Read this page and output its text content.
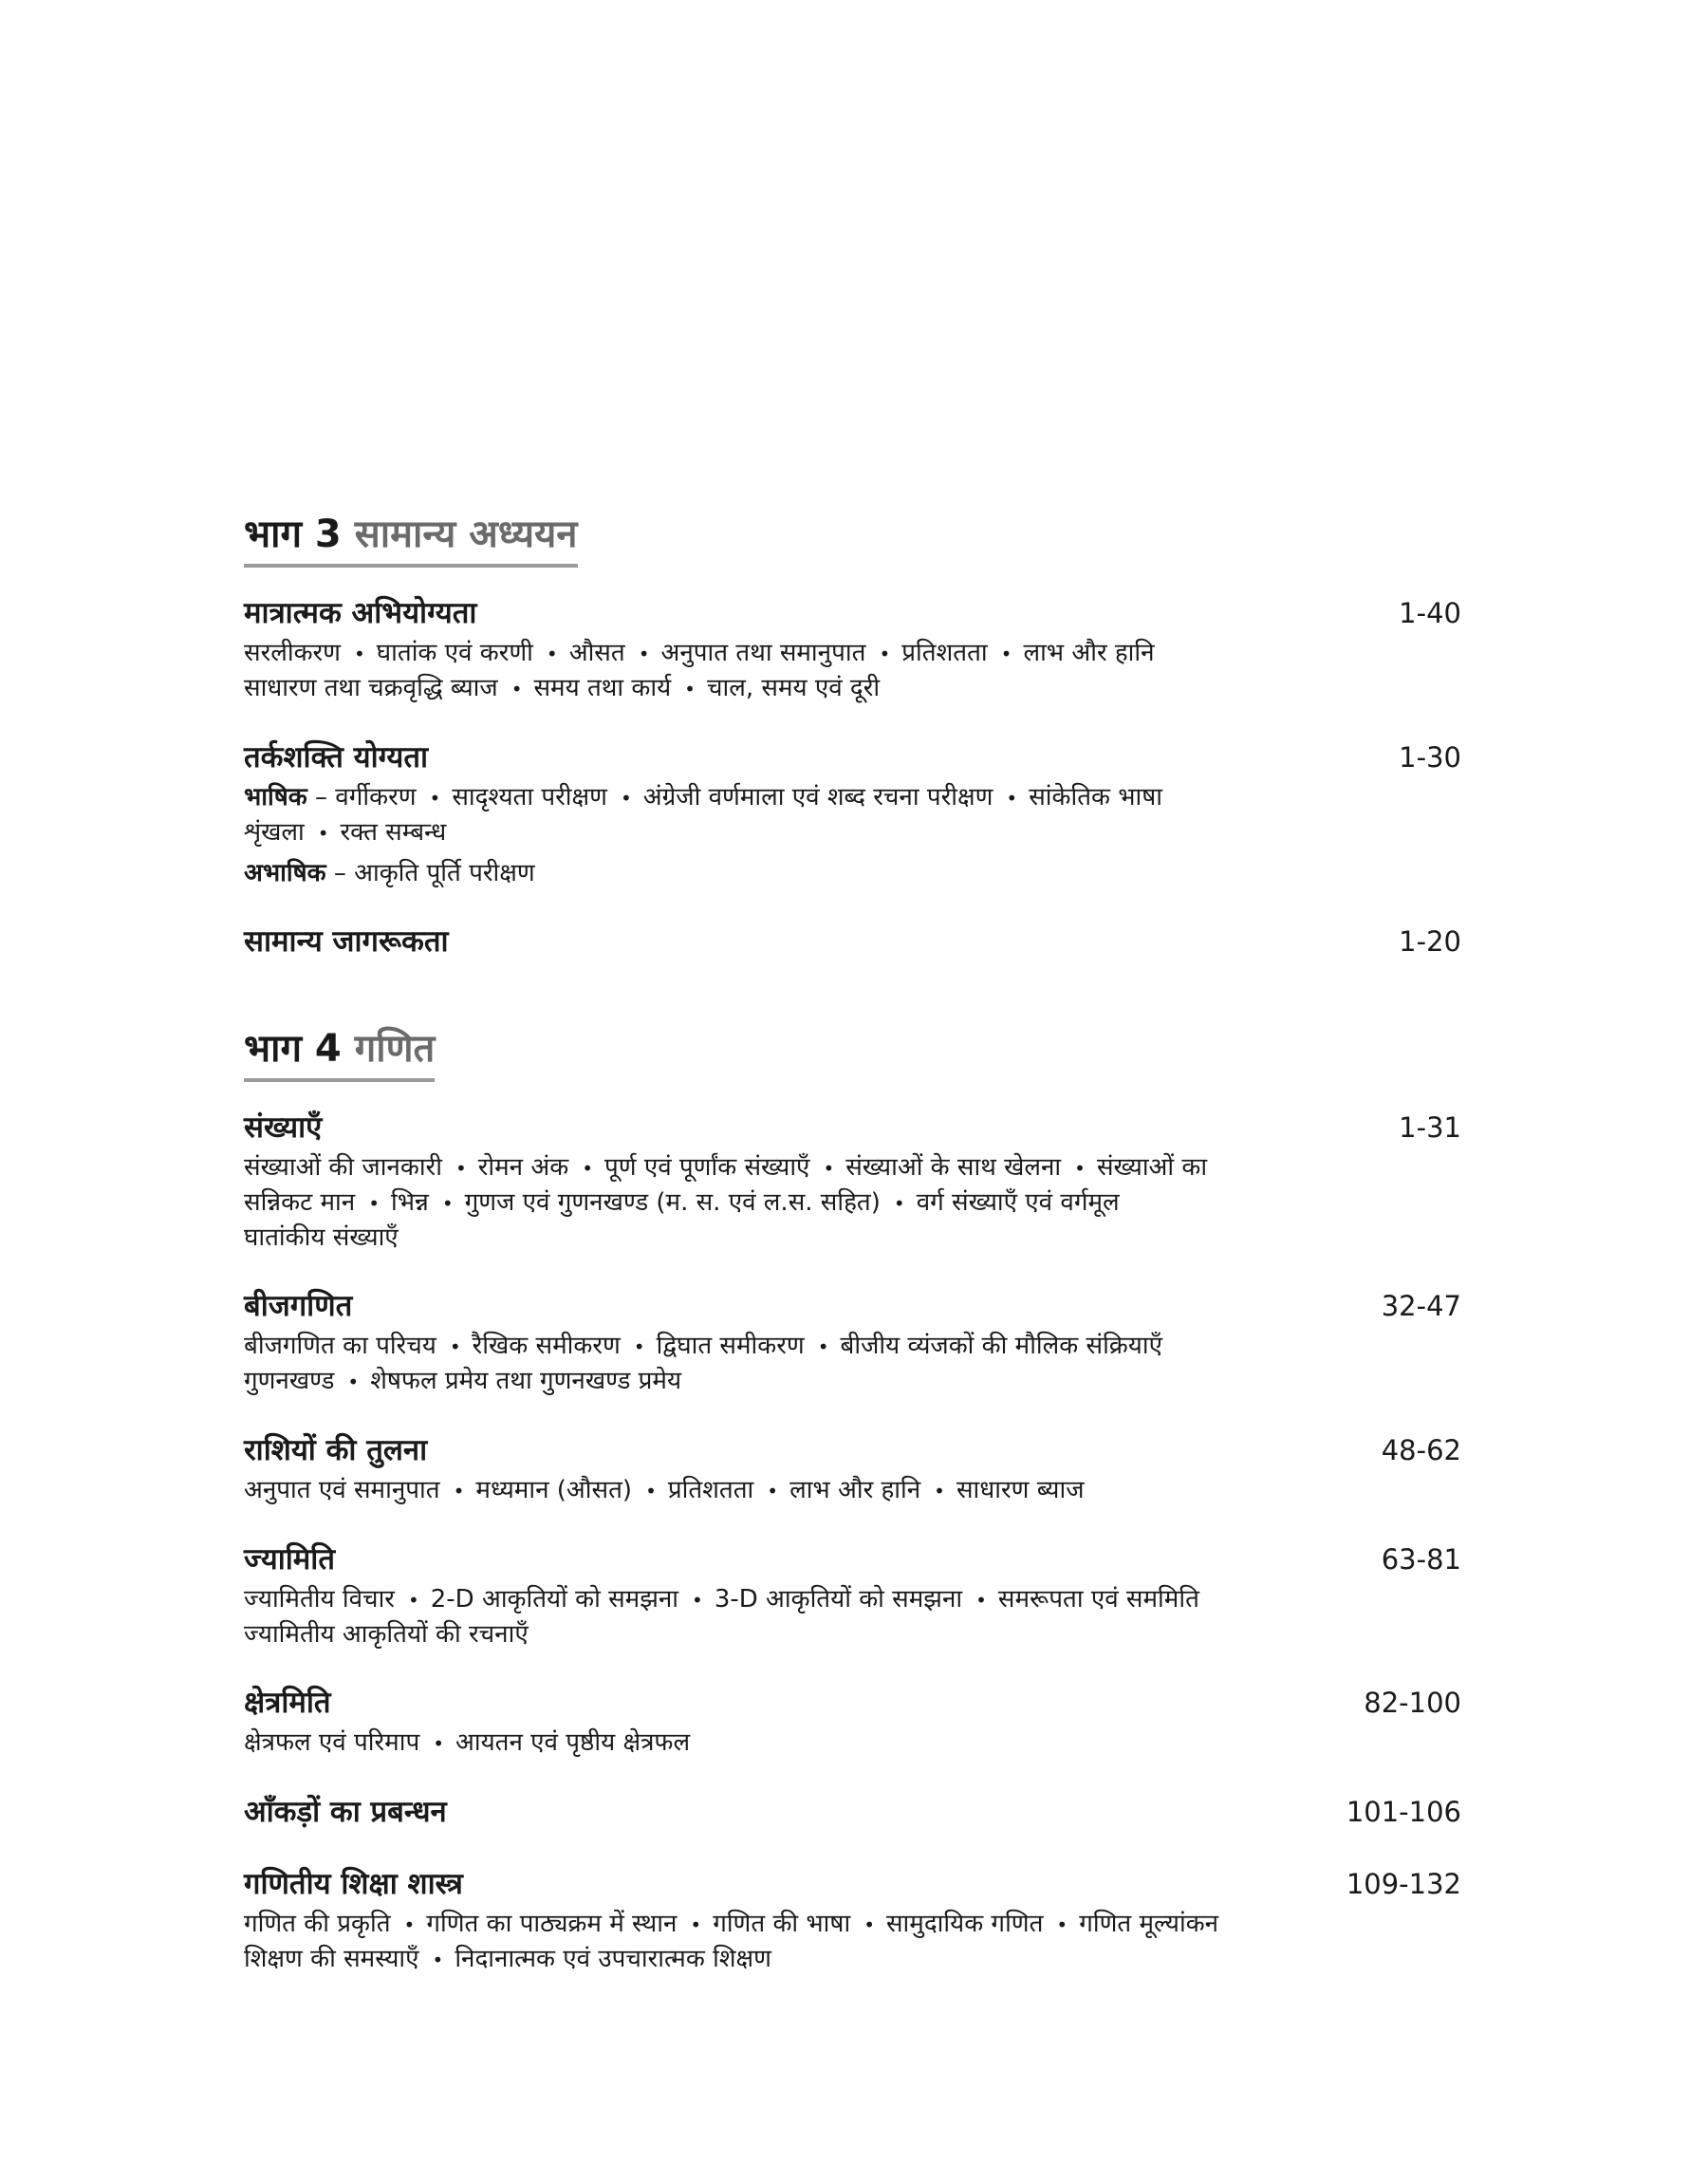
भाग 3 सामान्य अध्ययन
मात्रात्मक अभियोग्यता	1-40
सरलीकरण • घातांक एवं करणी • औसत • अनुपात तथा समानुपात • प्रतिशतता • लाभ और हानि
साधारण तथा चक्रवृद्धि ब्याज • समय तथा कार्य • चाल, समय एवं दूरी
तर्कशक्ति योग्यता	1-30
भाषिक – वर्गीकरण • सादृश्यता परीक्षण • अंग्रेजी वर्णमाला एवं शब्द रचना परीक्षण • सांकेतिक भाषा
शृंखला • रक्त सम्बन्ध
अभाषिक – आकृति पूर्ति परीक्षण
सामान्य जागरूकता	1-20
भाग 4 गणित
संख्याएँ	1-31
संख्याओं की जानकारी • रोमन अंक • पूर्ण एवं पूर्णांक संख्याएँ • संख्याओं के साथ खेलना • संख्याओं का
सन्निकट मान • भिन्न • गुणज एवं गुणनखण्ड (म. स. एवं ल.स. सहित) • वर्ग संख्याएँ एवं वर्गमूल
घातांकीय संख्याएँ
बीजगणित	32-47
बीजगणित का परिचय • रैखिक समीकरण • द्विघात समीकरण • बीजीय व्यंजकों की मौलिक संक्रियाएँ
गुणनखण्ड • शेषफल प्रमेय तथा गुणनखण्ड प्रमेय
राशियों की तुलना	48-62
अनुपात एवं समानुपात • मध्यमान (औसत) • प्रतिशतता • लाभ और हानि • साधारण ब्याज
ज्यामिति	63-81
ज्यामितीय विचार • 2-D आकृतियों को समझना • 3-D आकृतियों को समझना • समरूपता एवं सममिति
ज्यामितीय आकृतियों की रचनाएँ
क्षेत्रमिति	82-100
क्षेत्रफल एवं परिमाप • आयतन एवं पृष्ठीय क्षेत्रफल
आँकड़ों का प्रबन्धन	101-106
गणितीय शिक्षा शास्त्र	109-132
गणित की प्रकृति • गणित का पाठ्यक्रम में स्थान • गणित की भाषा • सामुदायिक गणित • गणित मूल्यांकन
शिक्षण की समस्याएँ • निदानात्मक एवं उपचारात्मक शिक्षण
